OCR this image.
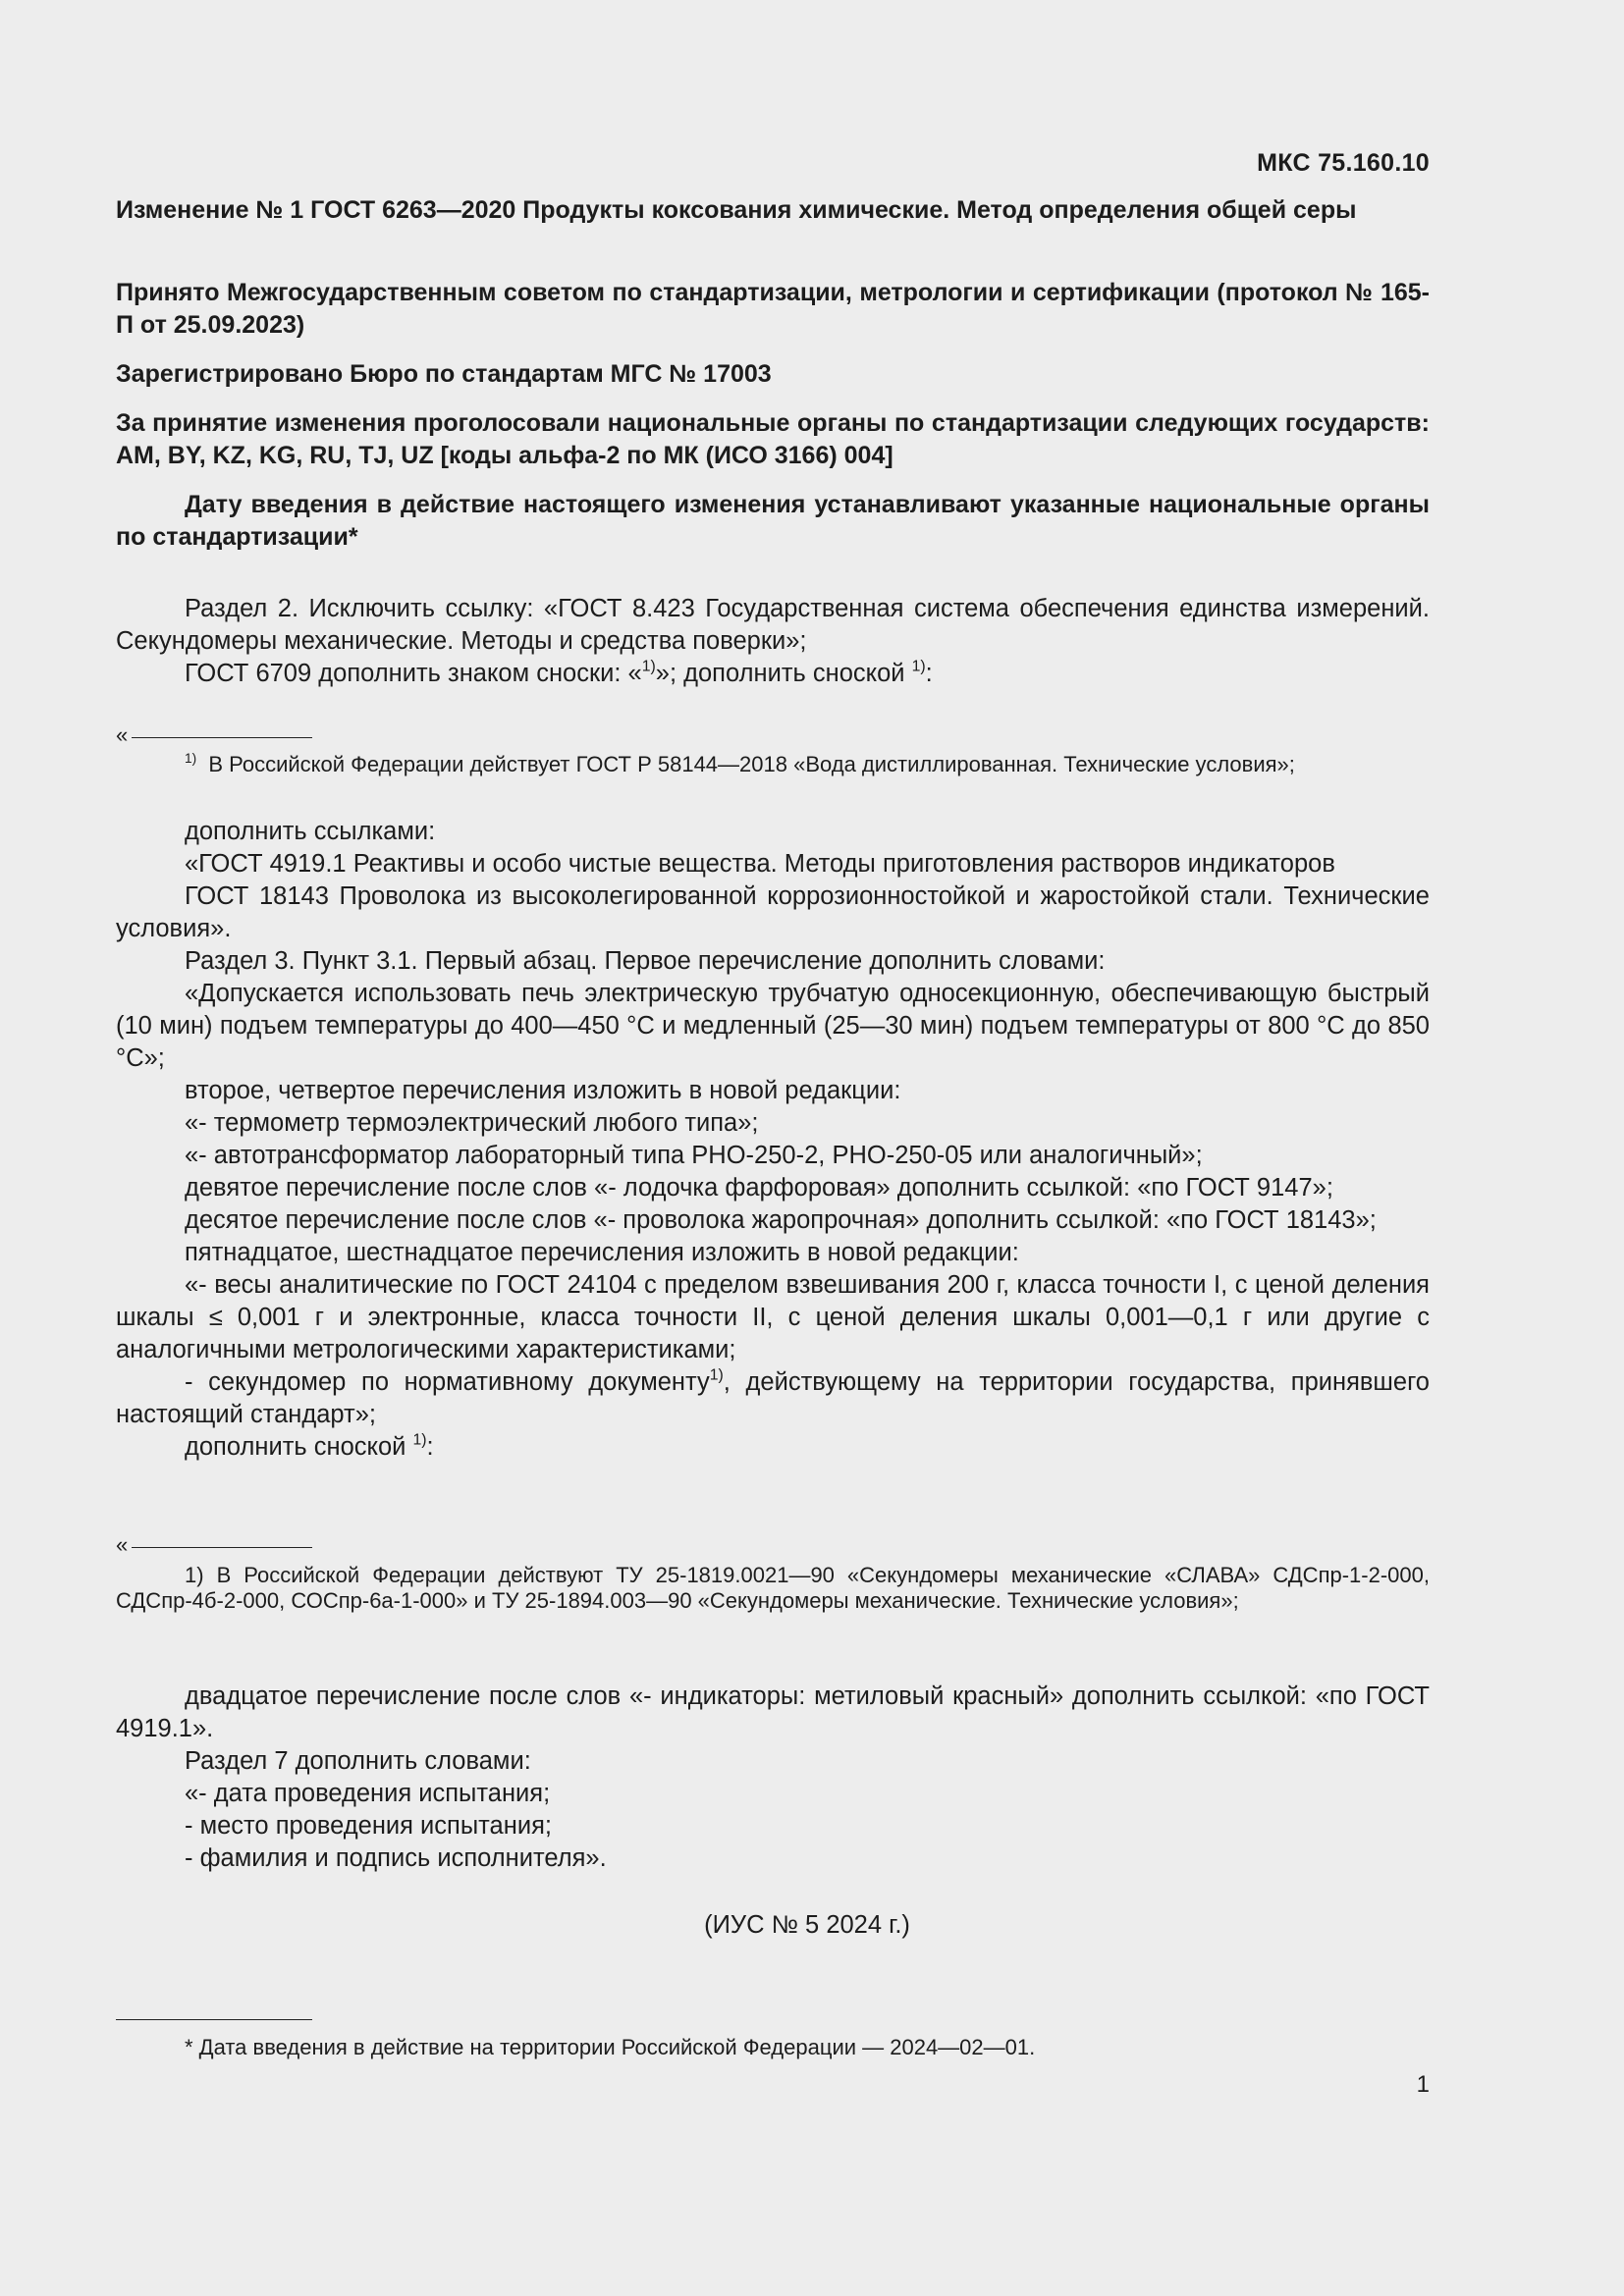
МКС 75.160.10
Изменение № 1 ГОСТ 6263—2020 Продукты коксования химические. Метод определения общей серы
Принято Межгосударственным советом по стандартизации, метрологии и сертификации (протокол № 165-П от 25.09.2023)
Зарегистрировано Бюро по стандартам МГС № 17003
За принятие изменения проголосовали национальные органы по стандартизации следующих государств: AM, BY, KZ, KG, RU, TJ, UZ [коды альфа-2 по МК (ИСО 3166) 004]
Дату введения в действие настоящего изменения устанавливают указанные национальные органы по стандартизации*

Раздел 2. Исключить ссылку: «ГОСТ 8.423 Государственная система обеспечения единства измерений. Секундомеры механические. Методы и средства поверки»;

ГОСТ 6709 дополнить знаком сноски: «$^{1)}$»; дополнить сноской $^{1)}$:

«
$^{1)}$ В Российской Федерации действует ГОСТ Р 58144—2018 «Вода дистиллированная. Технические условия»;

дополнить ссылками:

«ГОСТ 4919.1 Реактивы и особо чистые вещества. Методы приготовления растворов индикаторов

ГОСТ 18143 Проволока из высоколегированной коррозионностойкой и жаростойкой стали. Технические условия».

Раздел 3. Пункт 3.1. Первый абзац. Первое перечисление дополнить словами:

«Допускается использовать печь электрическую трубчатую односекционную, обеспечивающую быстрый (10 мин) подъем температуры до 400—450 °С и медленный (25—30 мин) подъем температуры от 800 °С до 850 °С»;

второе, четвертое перечисления изложить в новой редакции:

«- термометр термоэлектрический любого типа»;

«- автотрансформатор лабораторный типа РНО-250-2, РНО-250-05 или аналогичный»;

девятое перечисление после слов «- лодочка фарфоровая» дополнить ссылкой: «по ГОСТ 9147»;

десятое перечисление после слов «- проволока жаропрочная» дополнить ссылкой: «по ГОСТ 18143»;

пятнадцатое, шестнадцатое перечисления изложить в новой редакции:

«- весы аналитические по ГОСТ 24104 с пределом взвешивания 200 г, класса точности I, с ценой деления шкалы ≤ 0,001 г и электронные, класса точности II, с ценой деления шкалы 0,001—0,1 г или другие с аналогичными метрологическими характеристиками;

- секундомер по нормативному документу$^{1)}$, действующему на территории государства, принявшего настоящий стандарт»;

дополнить сноской $^{1)}$:

«
1) В Российской Федерации действуют ТУ 25-1819.0021—90 «Секундомеры механические «СЛАВА» СДСпр-1-2-000, СДСпр-4б-2-000, СОСпр-6а-1-000» и ТУ 25-1894.003—90 «Секундомеры механические. Технические условия»;

двадцатое перечисление после слов «- индикаторы: метиловый красный» дополнить ссылкой: «по ГОСТ 4919.1».

Раздел 7 дополнить словами:

«- дата проведения испытания;

- место проведения испытания;

- фамилия и подпись исполнителя».

(ИУС № 5 2024 г.)
* Дата введения в действие на территории Российской Федерации — 2024—02—01.
1
